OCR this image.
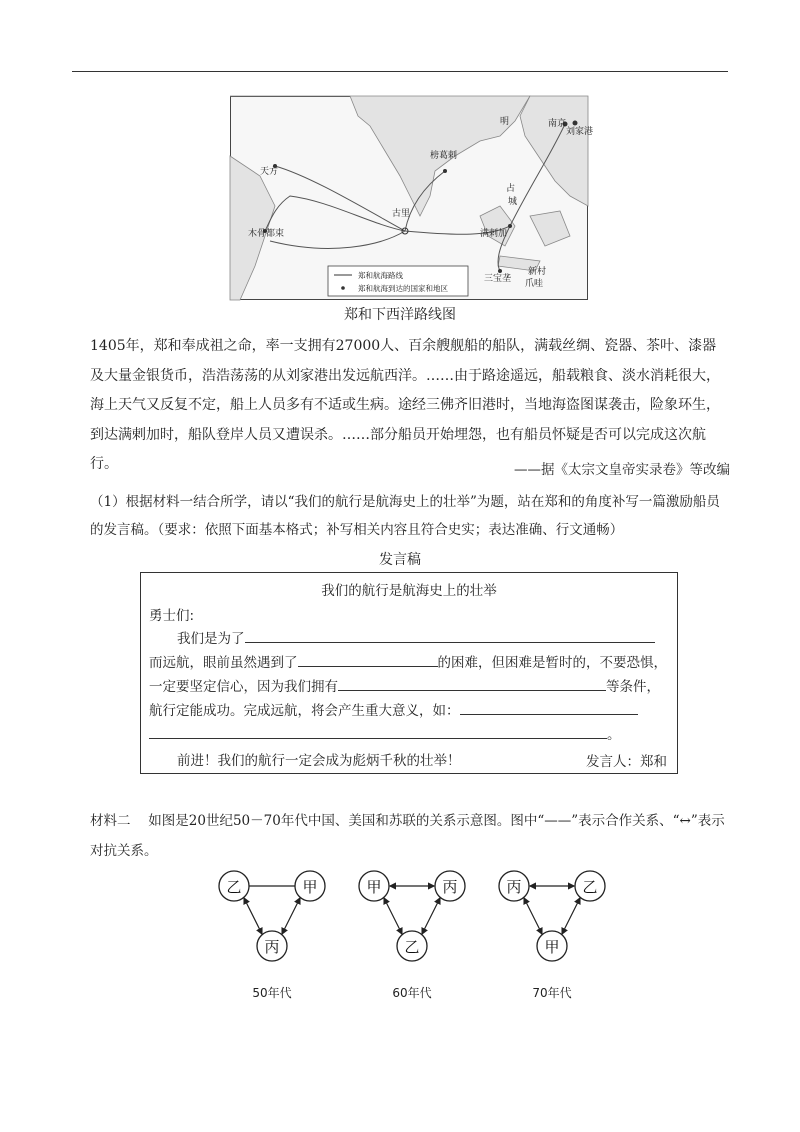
明	南京
刘家港
榜葛剌
天方
古里
木骨都束	满剌加
占
城
三宝垄
新村
爪哇
郑和航海路线
郑和航海到达的国家和地区
郑和下西洋路线图

1405年，郑和奉成祖之命，率一支拥有27000人、百余艘舰船的船队，满载丝绸、瓷器、茶叶、漆器及大量金银货币，浩浩荡荡的从刘家港出发远航西洋。……由于路途遥远，船载粮食、淡水消耗很大，海上天气又反复不定，船上人员多有不适或生病。途经三佛齐旧港时，当地海盗图谋袭击，险象环生，到达满剌加时，船队登岸人员又遭误杀。……部分船员开始埋怨，也有船员怀疑是否可以完成这次航行。	——据《太宗文皇帝实录卷》等改编
（1）根据材料一结合所学，请以“我们的航行是航海史上的壮举”为题，站在郑和的角度补写一篇激励船员的发言稿。（要求：依照下面基本格式；补写相关内容且符合史实；表达准确、行文通畅）
发言稿
我们的航行是航海史上的壮举
勇士们:
我们是为了
而远航，眼前虽然遇到了	的困难，但困难是暂时的，不要恐惧，
一定要坚定信心，因为我们拥有	等条件，
航行定能成功。完成远航，将会产生重大意义，如：
。
前进！我们的航行一定会成为彪炳千秋的壮举！	发言人：郑和
材料二　 如图是20世纪50－70年代中国、美国和苏联的关系示意图。图中“——”表示合作关系、“↔”表示对抗关系。
乙	甲
丙
50年代
甲	丙
乙
60年代
丙	乙
甲
70年代
